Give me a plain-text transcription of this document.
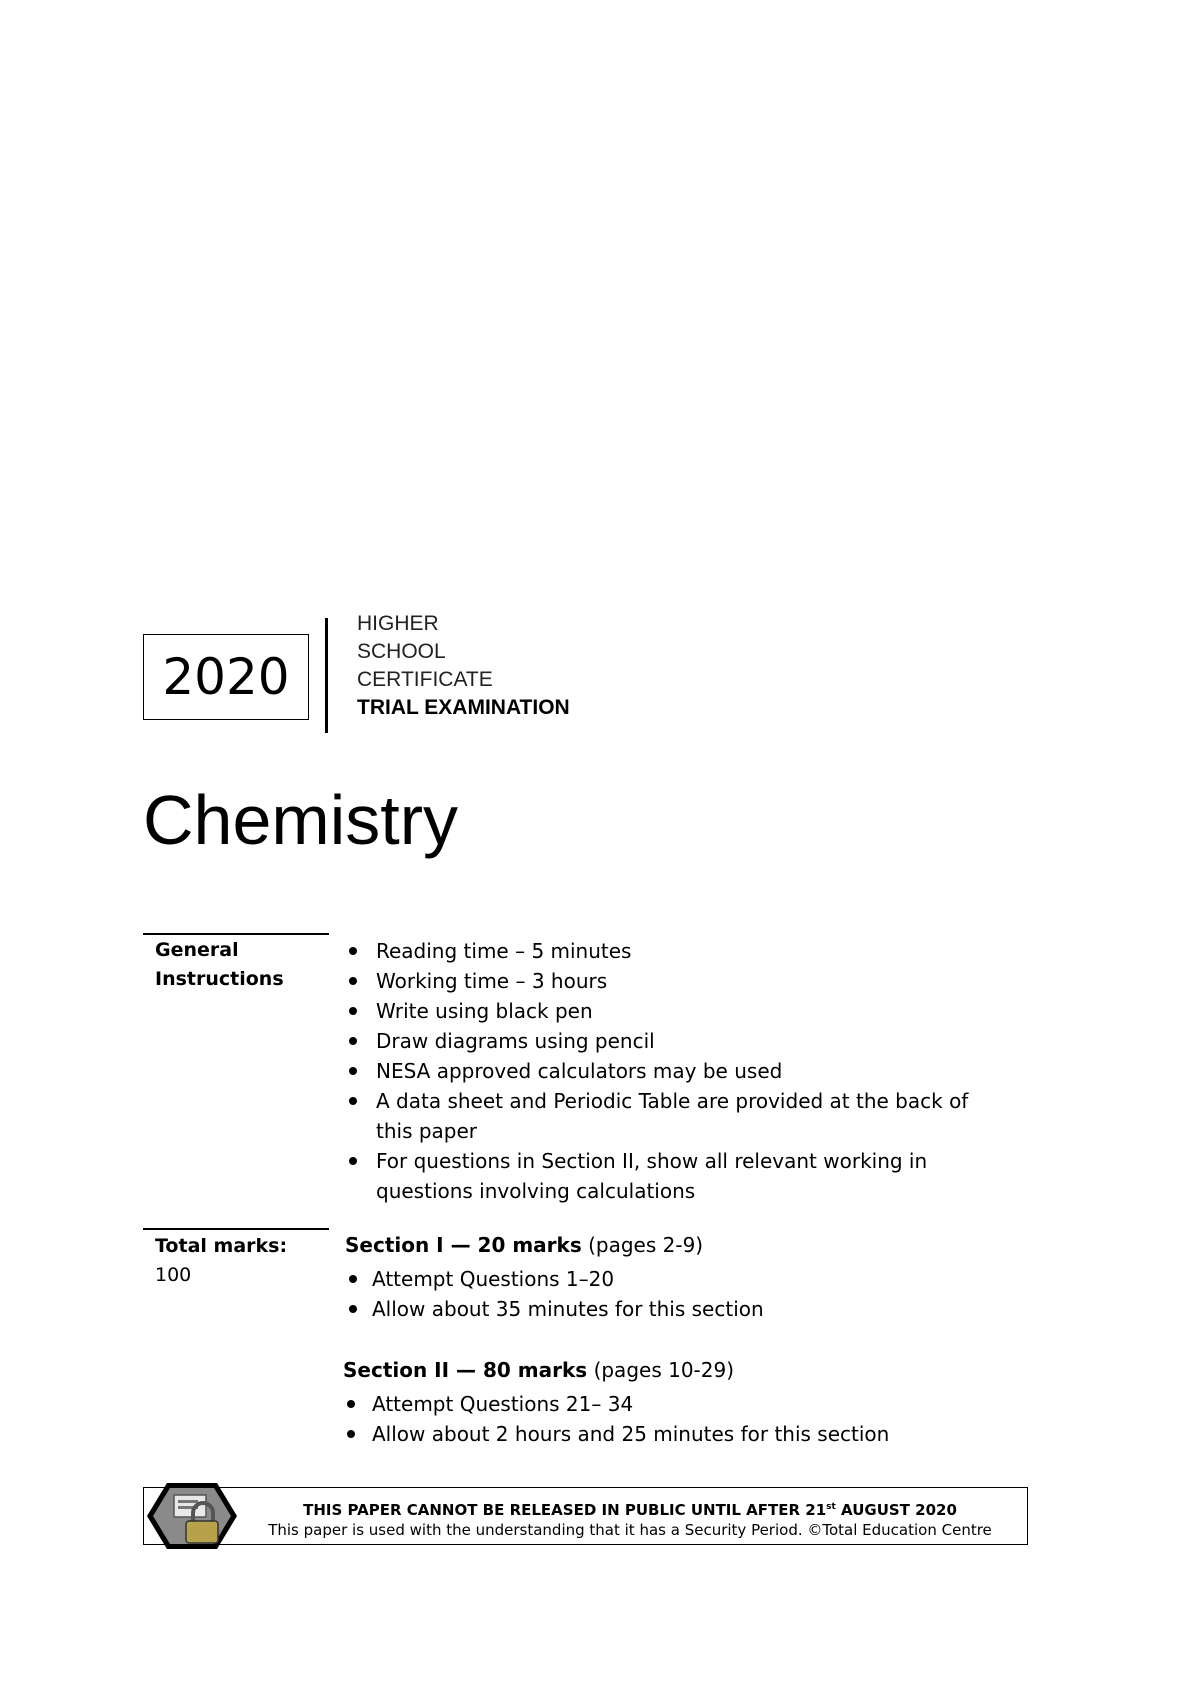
2020
HIGHER
SCHOOL
CERTIFICATE
TRIAL EXAMINATION
Chemistry
General Instructions
Reading time – 5 minutes
Working time – 3 hours
Write using black pen
Draw diagrams using pencil
NESA approved calculators may be used
A data sheet and Periodic Table are provided at the back of this paper
For questions in Section II, show all relevant working in questions involving calculations
Total marks:
100
Section I — 20 marks (pages 2-9)
Attempt Questions 1–20
Allow about 35 minutes for this section
Section II — 80 marks (pages 10-29)
Attempt Questions 21– 34
Allow about 2 hours and 25 minutes for this section
THIS PAPER CANNOT BE RELEASED IN PUBLIC UNTIL AFTER 21st AUGUST 2020
This paper is used with the understanding that it has a Security Period. ©Total Education Centre
